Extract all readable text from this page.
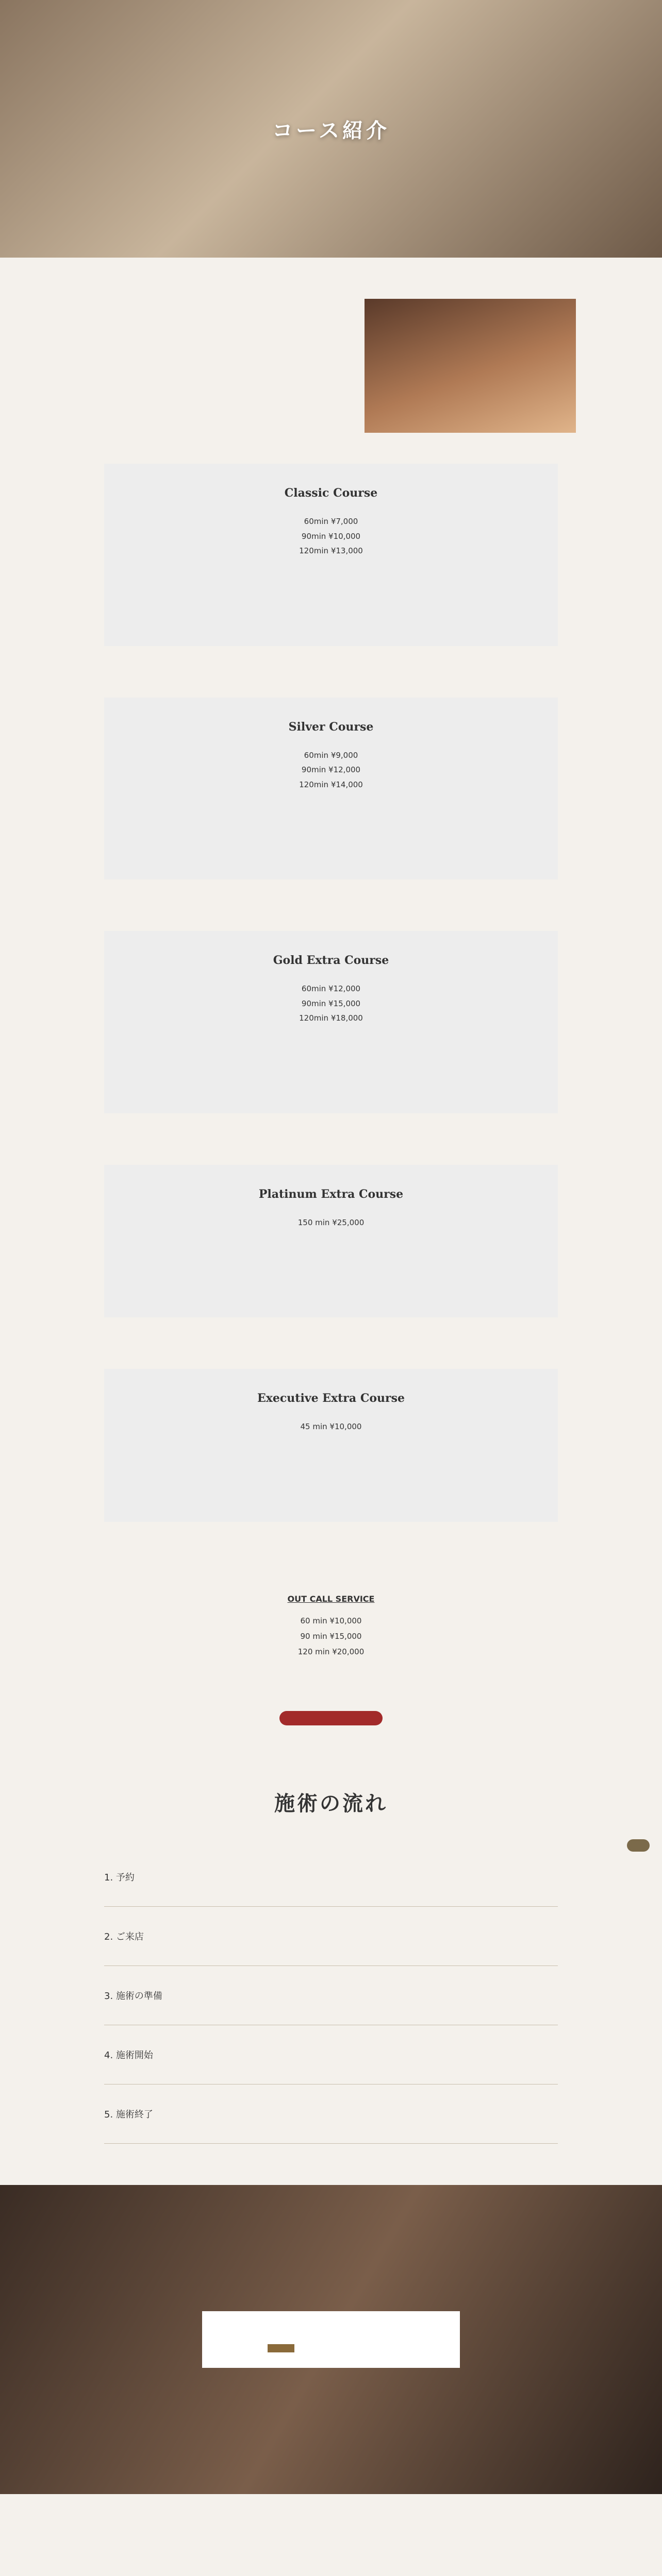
コース紹介

Classic Course
60min ¥7,000
90min ¥10,000
120min ¥13,000

Silver Course
60min ¥9,000
90min ¥12,000
120min ¥14,000

Gold Extra Course
60min ¥12,000
90min ¥15,000
120min ¥18,000

Platinum Extra Course
150 min ¥25,000

Executive Extra Course
45 min ¥10,000

OUT CALL SERVICE
60 min ¥10,000
90 min ¥15,000
120 min ¥20,000

施術の流れ
1. 予約
2. ご来店
3. 施術の準備
4. 施術開始
5. 施術終了
